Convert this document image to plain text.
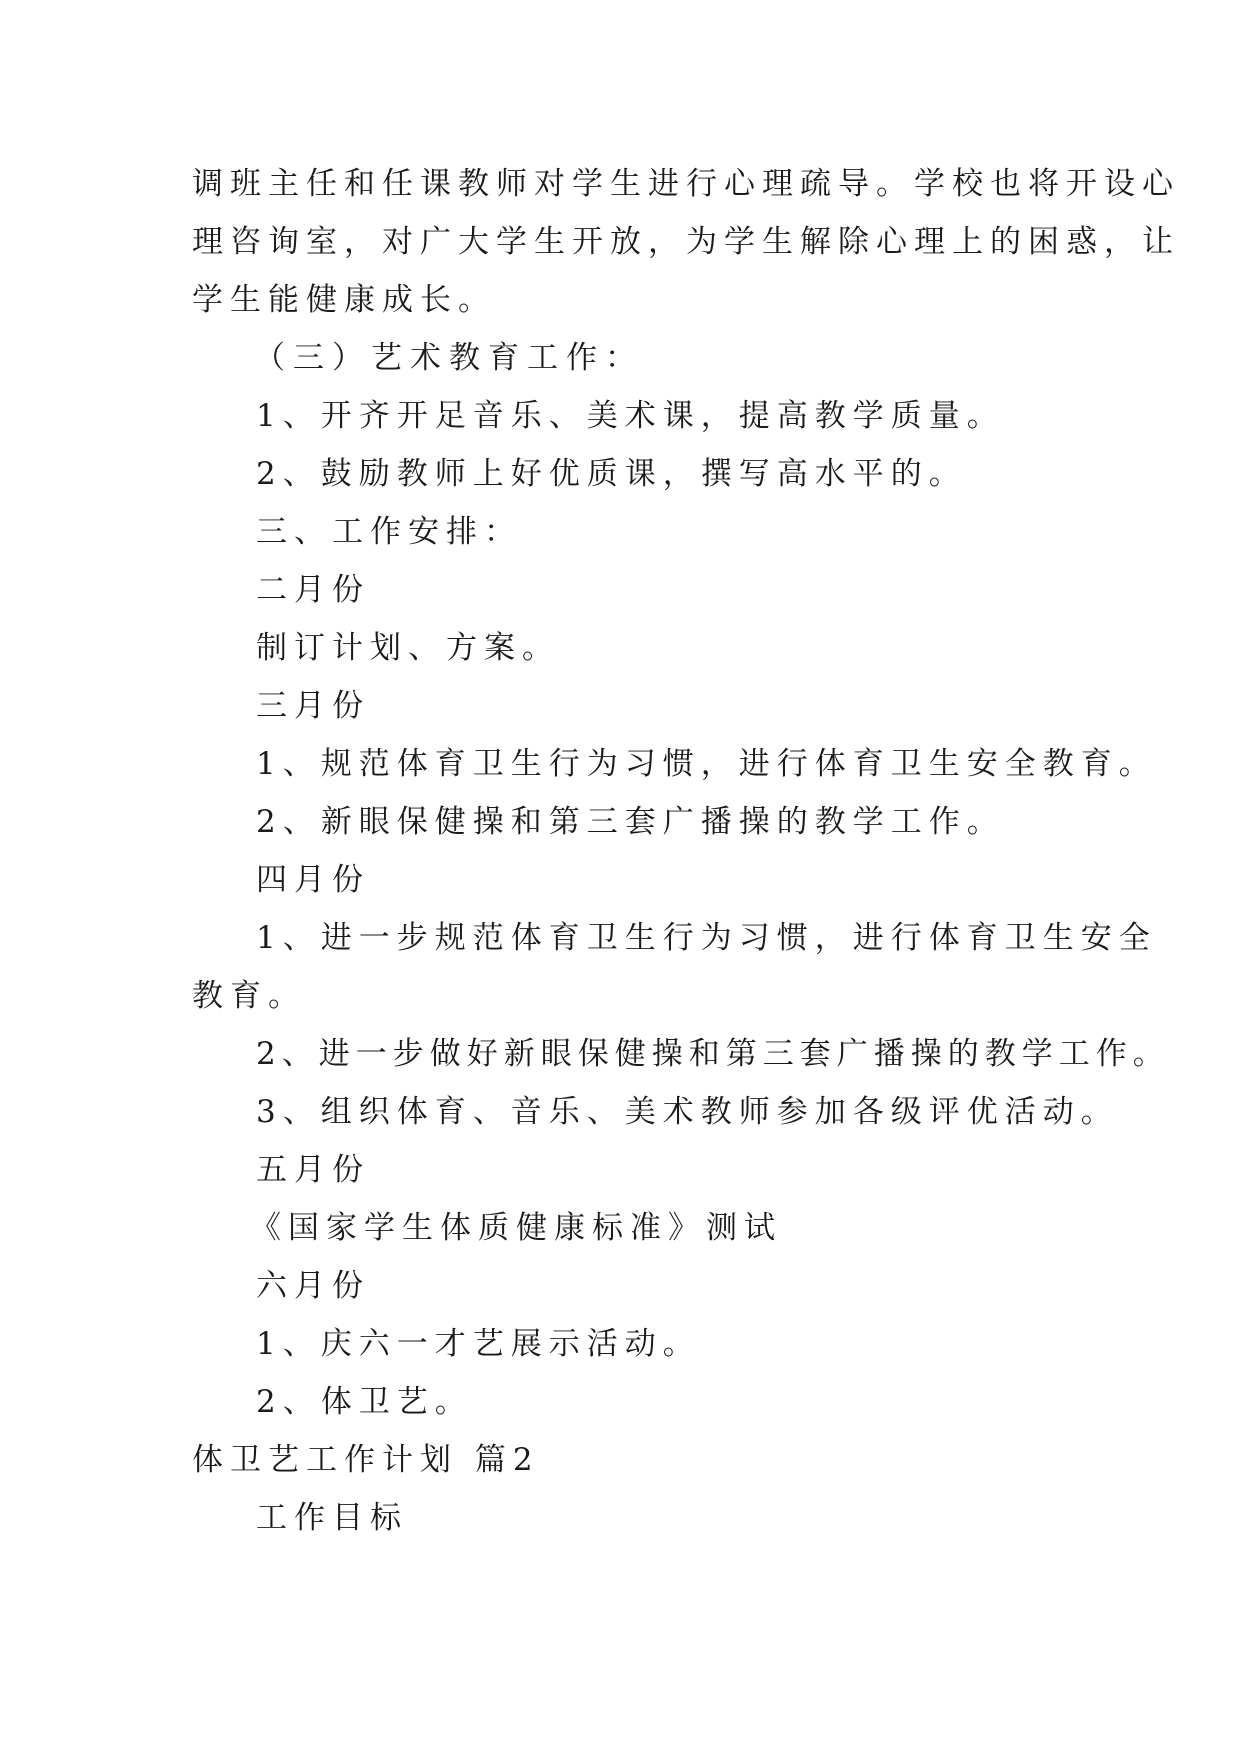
调班主任和任课教师对学生进行心理疏导。学校也将开设心
理咨询室，对广大学生开放，为学生解除心理上的困惑，让
学生能健康成长。
（三）艺术教育工作：
1、开齐开足音乐、美术课，提高教学质量。
2、鼓励教师上好优质课，撰写高水平的。
三、工作安排：
二月份
制订计划、方案。
三月份
1、规范体育卫生行为习惯，进行体育卫生安全教育。
2、新眼保健操和第三套广播操的教学工作。
四月份
1、进一步规范体育卫生行为习惯，进行体育卫生安全
教育。
2、进一步做好新眼保健操和第三套广播操的教学工作。
3、组织体育、音乐、美术教师参加各级评优活动。
五月份
《国家学生体质健康标准》测试
六月份
1、庆六一才艺展示活动。
2、体卫艺。
体卫艺工作计划 篇2
工作目标
